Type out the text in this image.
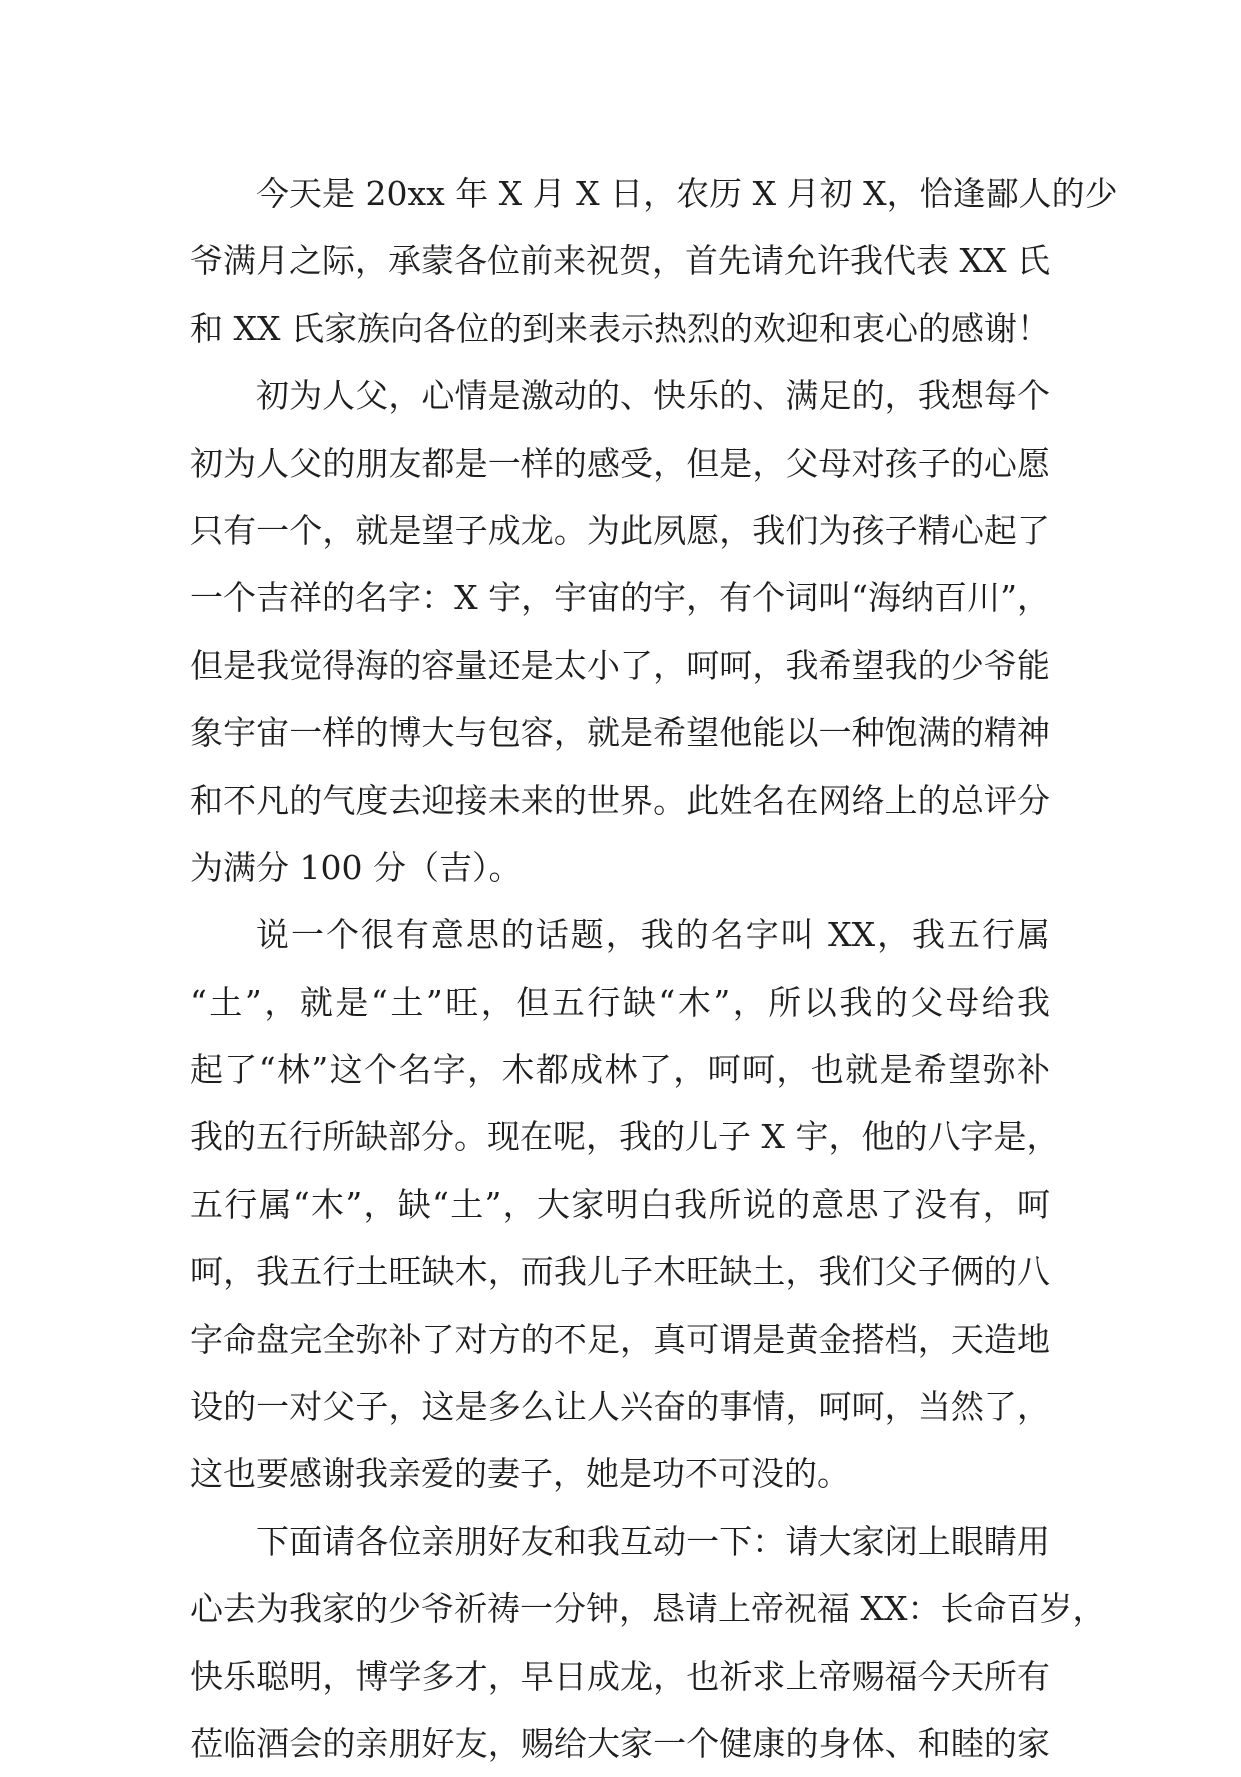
今天是 20xx 年 X 月 X 日，农历 X 月初 X，恰逢鄙人的少
爷满月之际，承蒙各位前来祝贺，首先请允许我代表 XX 氏
和 XX 氏家族向各位的到来表示热烈的欢迎和衷心的感谢！
初为人父，心情是激动的、快乐的、满足的，我想每个
初为人父的朋友都是一样的感受，但是，父母对孩子的心愿
只有一个，就是望子成龙。为此夙愿，我们为孩子精心起了
一个吉祥的名字：X 宇，宇宙的宇，有个词叫“海纳百川”，
但是我觉得海的容量还是太小了，呵呵，我希望我的少爷能
象宇宙一样的博大与包容，就是希望他能以一种饱满的精神
和不凡的气度去迎接未来的世界。此姓名在网络上的总评分
为满分 100 分（吉）。
说一个很有意思的话题，我的名字叫 XX，我五行属
“土”，就是“土”旺，但五行缺“木”，所以我的父母给我
起了“林”这个名字，木都成林了，呵呵，也就是希望弥补
我的五行所缺部分。现在呢，我的儿子 X 宇，他的八字是，
五行属“木”，缺“土”，大家明白我所说的意思了没有，呵
呵，我五行土旺缺木，而我儿子木旺缺土，我们父子俩的八
字命盘完全弥补了对方的不足，真可谓是黄金搭档，天造地
设的一对父子，这是多么让人兴奋的事情，呵呵，当然了，
这也要感谢我亲爱的妻子，她是功不可没的。
下面请各位亲朋好友和我互动一下：请大家闭上眼睛用
心去为我家的少爷祈祷一分钟，恳请上帝祝福 XX：长命百岁，
快乐聪明，博学多才，早日成龙，也祈求上帝赐福今天所有
莅临酒会的亲朋好友，赐给大家一个健康的身体、和睦的家
